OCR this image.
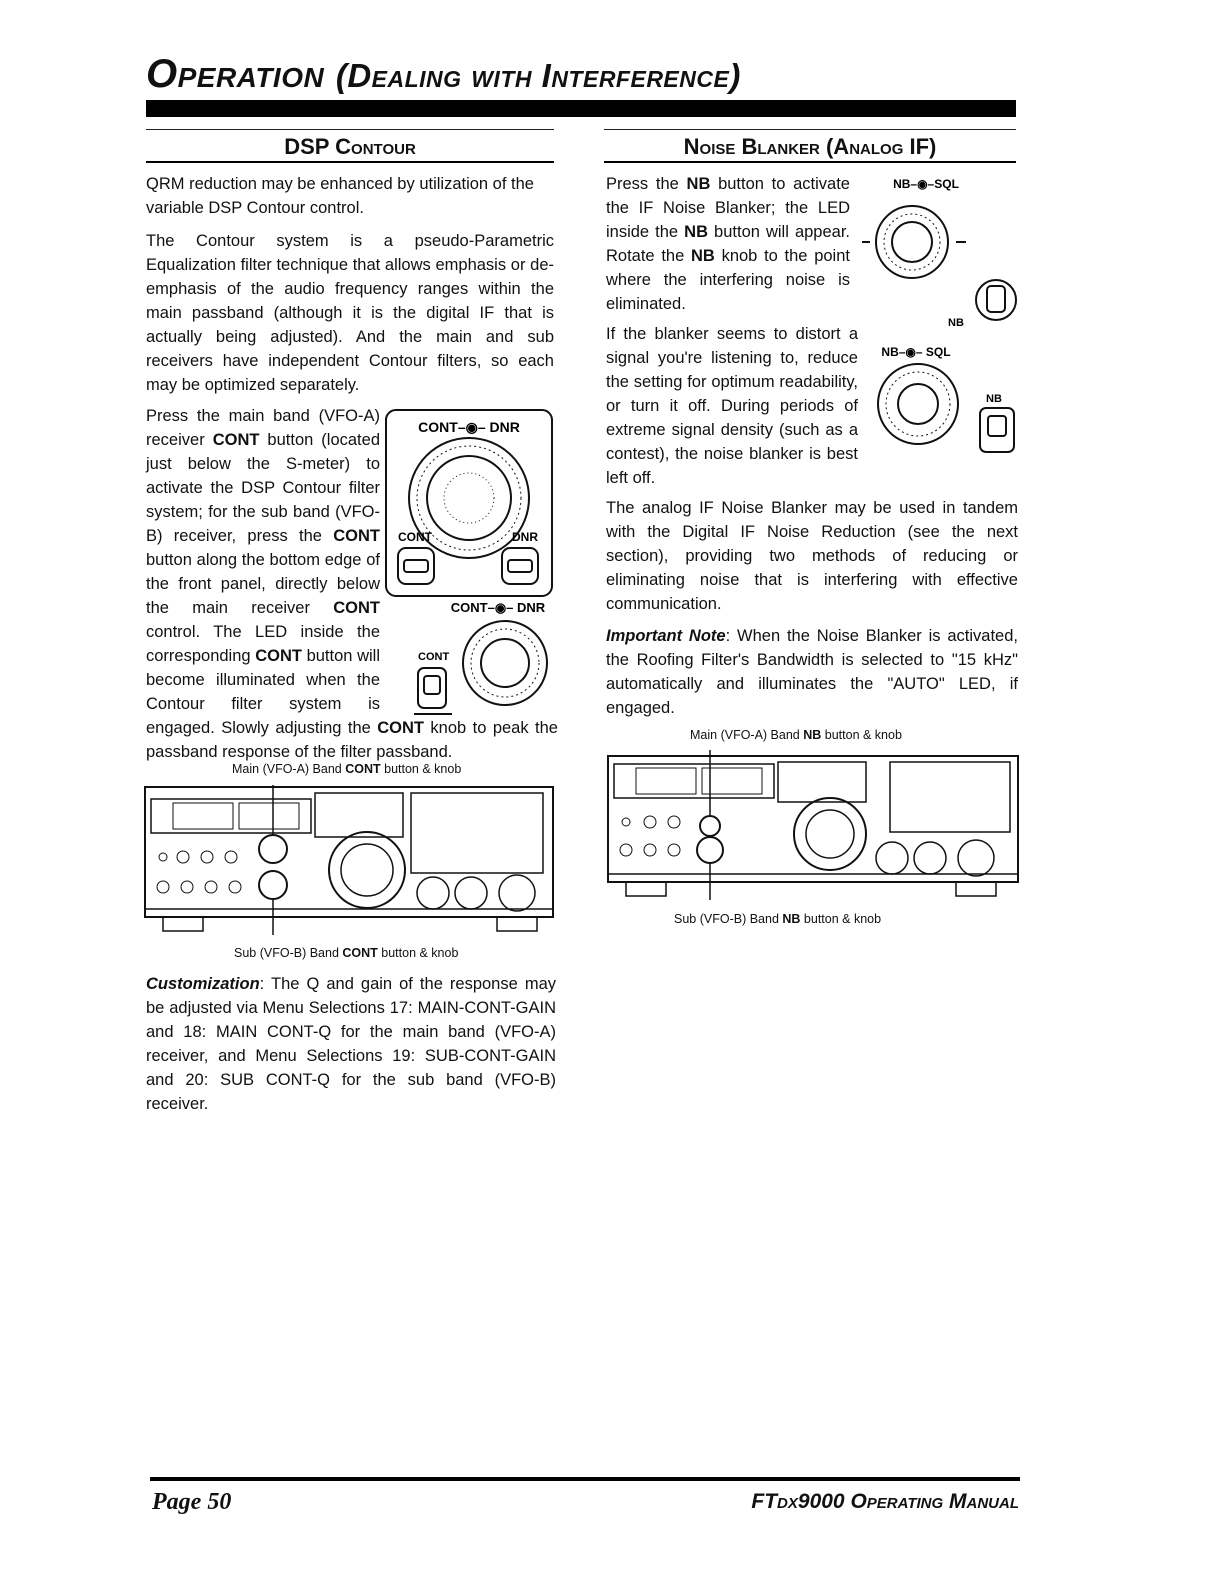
Operation (Dealing with Interference)
DSP Contour
QRM reduction may be enhanced by utilization of the variable DSP Contour control.
The Contour system is a pseudo-Parametric Equalization filter technique that allows emphasis or de-emphasis of the audio frequency ranges within the main passband (although it is the digital IF that is actually being adjusted). And the main and sub receivers have independent Contour filters, so each may be optimized separately.
Press the main band (VFO-A) receiver CONT button (located just below the S-meter) to activate the DSP Contour filter system; for the sub band (VFO-B) receiver, press the CONT button along the bottom edge of the front panel, directly below the main receiver CONT control. The LED inside the corresponding CONT button will become illuminated when the Contour filter system is engaged. Slowly adjusting the CONT knob to peak the passband response of the filter passband.
CONT–◉– DNR
CONT	DNR
CONT–◉– DNR
CONT
Main (VFO-A) Band CONT button & knob
Sub (VFO-B) Band CONT button & knob
Customization: The Q and gain of the response may be adjusted via Menu Selections 17: MAIN-CONT-GAIN and 18: MAIN CONT-Q for the main band (VFO-A) receiver, and Menu Selections 19: SUB-CONT-GAIN and 20: SUB CONT-Q for the sub band (VFO-B) receiver.
Noise Blanker (Analog IF)
Press the NB button to activate the IF Noise Blanker; the LED inside the NB button will appear. Rotate the NB knob to the point where the interfering noise is eliminated.
NB–◉–SQL
NB
If the blanker seems to distort a signal you're listening to, reduce the setting for optimum readability, or turn it off. During periods of extreme signal density (such as a contest), the noise blanker is best left off.
NB–◉– SQL
NB
The analog IF Noise Blanker may be used in tandem with the Digital IF Noise Reduction (see the next section), providing two methods of reducing or eliminating noise that is interfering with effective communication.
Important Note: When the Noise Blanker is activated, the Roofing Filter's Bandwidth is selected to "15 kHz" automatically and illuminates the "AUTO" LED, if engaged.
Main (VFO-A) Band NB button & knob
Sub (VFO-B) Band NB button & knob
Page 50	FTdx9000 Operating Manual
